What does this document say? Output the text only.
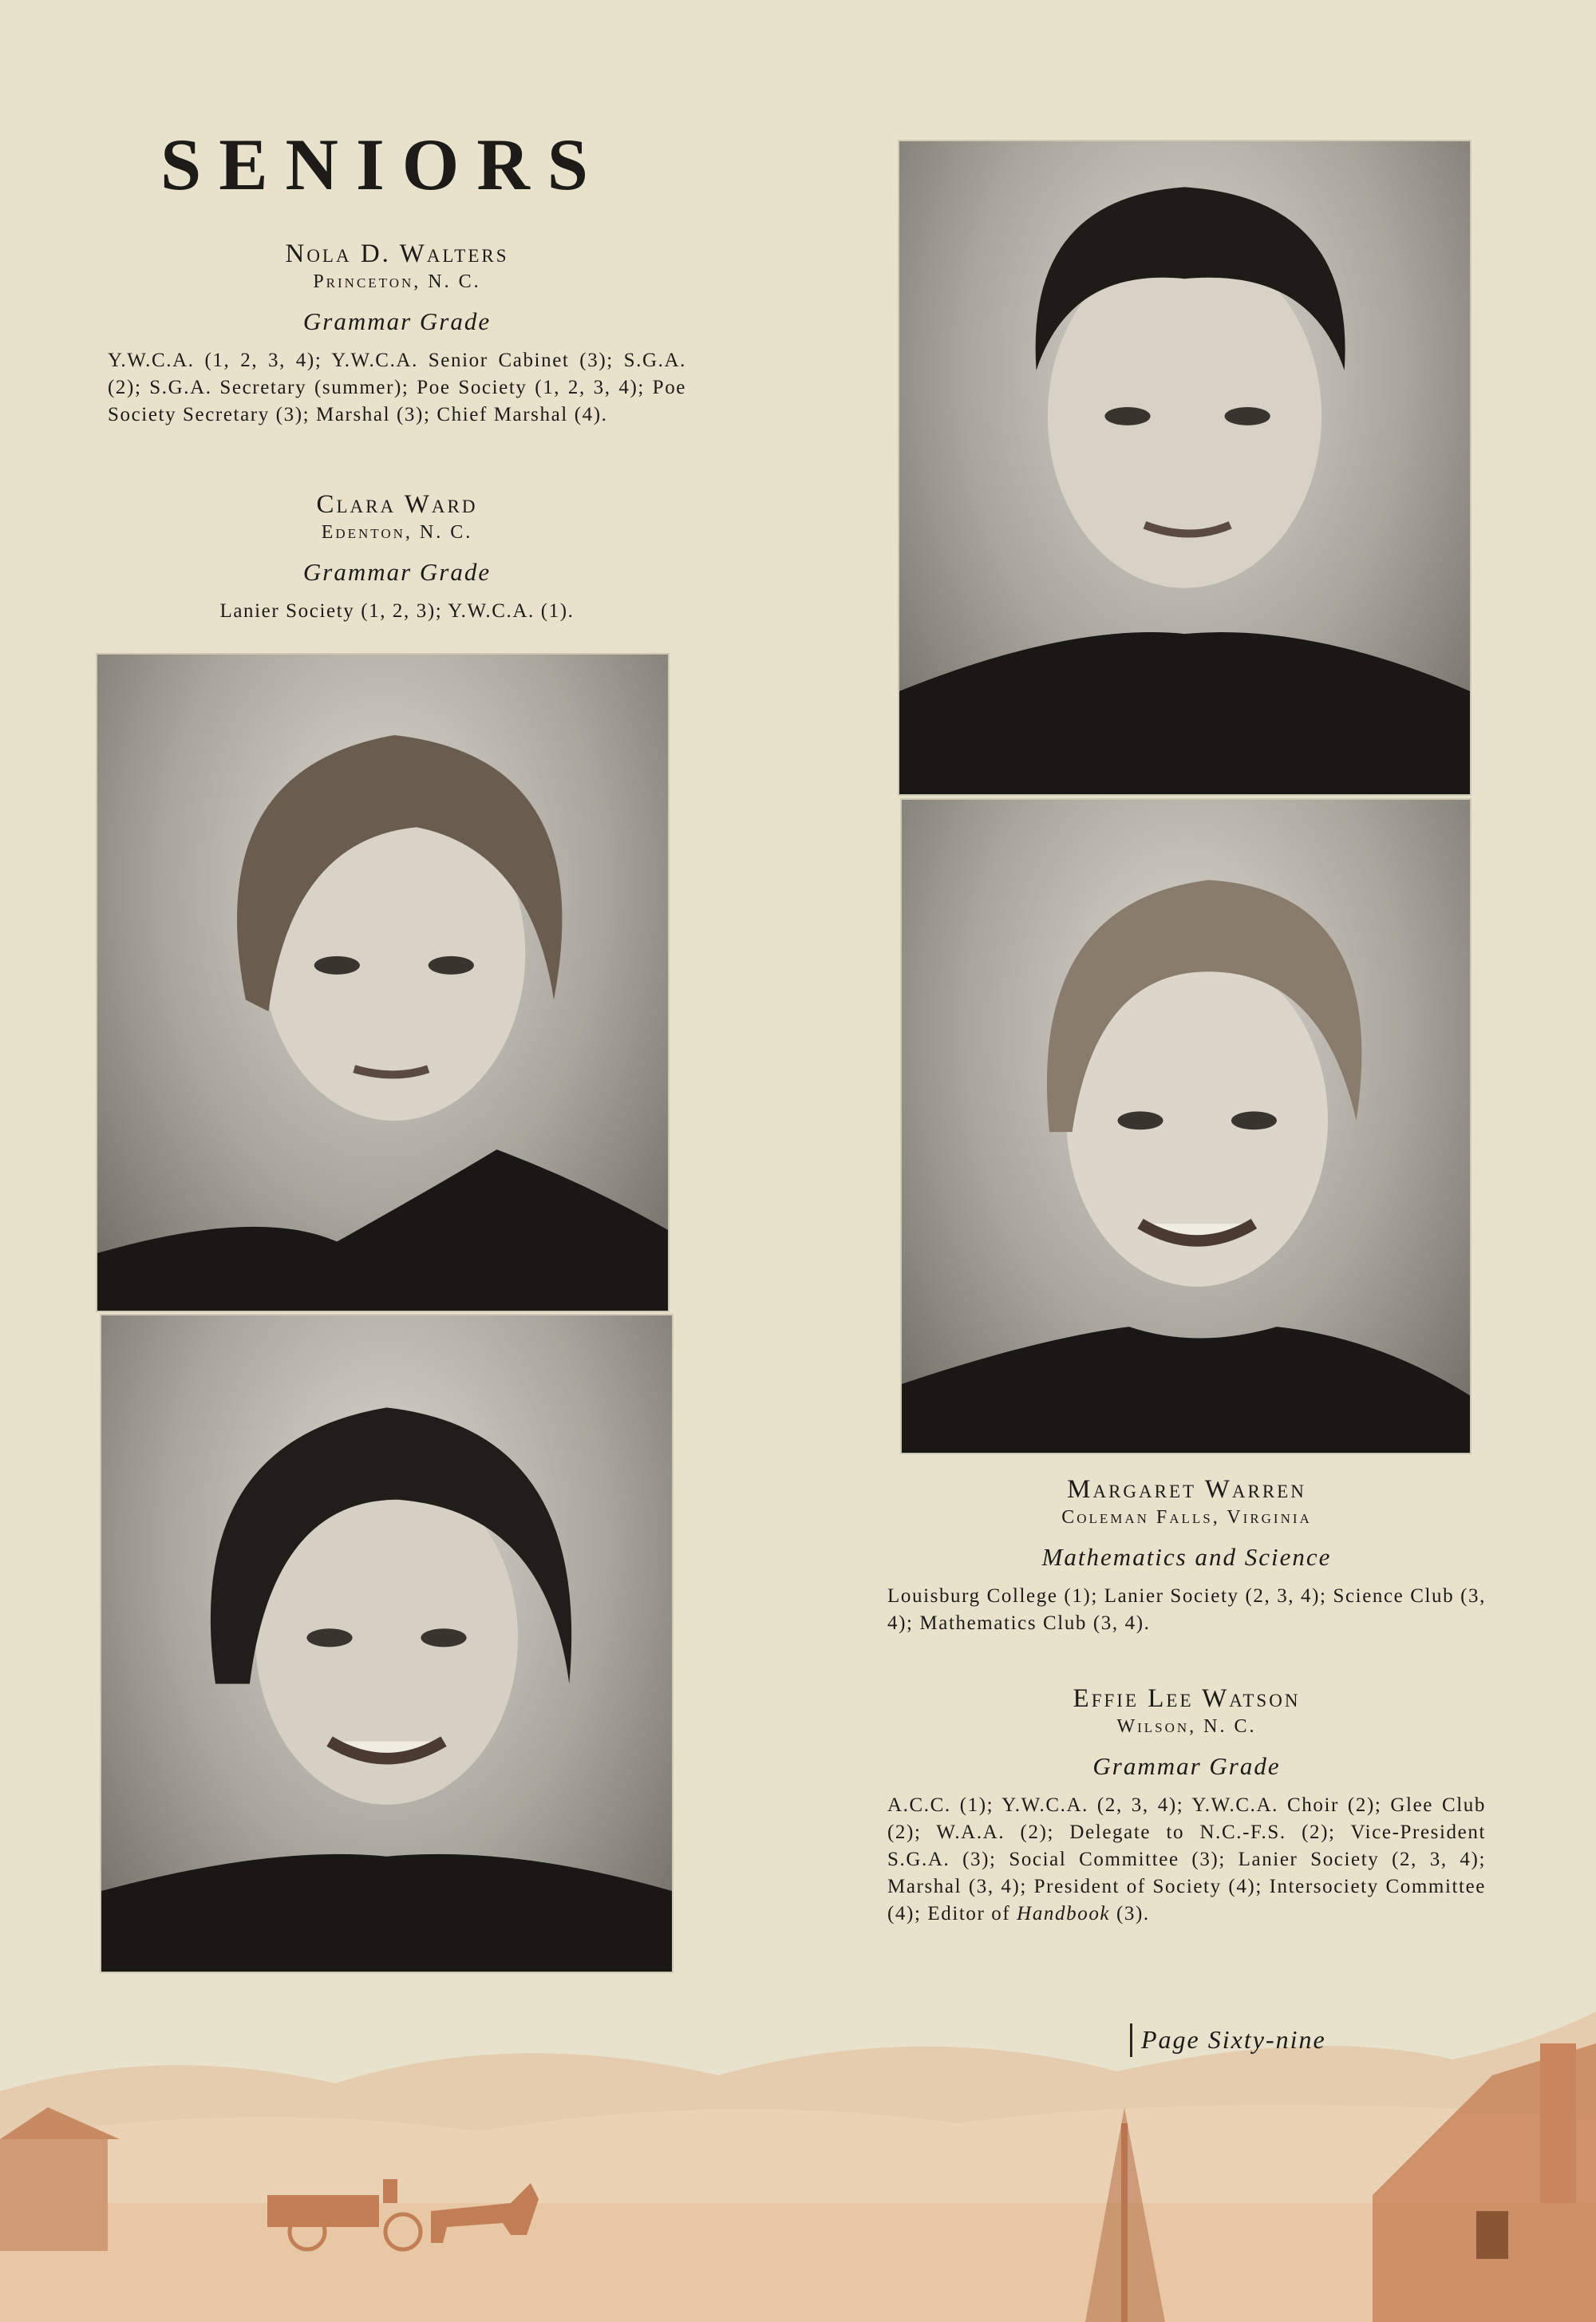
SENIORS
Nola D. Walters
Princeton, N. C.
Grammar Grade
Y.W.C.A. (1, 2, 3, 4); Y.W.C.A. Senior Cabinet (3); S.G.A. (2); S.G.A. Secretary (summer); Poe Society (1, 2, 3, 4); Poe Society Secretary (3); Marshal (3); Chief Marshal (4).
Clara Ward
Edenton, N. C.
Grammar Grade
Lanier Society (1, 2, 3); Y.W.C.A. (1).
Margaret Warren
Coleman Falls, Virginia
Mathematics and Science
Louisburg College (1); Lanier Society (2, 3, 4); Science Club (3, 4); Mathematics Club (3, 4).
Effie Lee Watson
Wilson, N. C.
Grammar Grade
A.C.C. (1); Y.W.C.A. (2, 3, 4); Y.W.C.A. Choir (2); Glee Club (2); W.A.A. (2); Delegate to N.C.-F.S. (2); Vice-President S.G.A. (3); Social Committee (3); Lanier Society (2, 3, 4); Marshal (3, 4); President of Society (4); Intersociety Committee (4); Editor of Handbook (3).
Page Sixty-nine
